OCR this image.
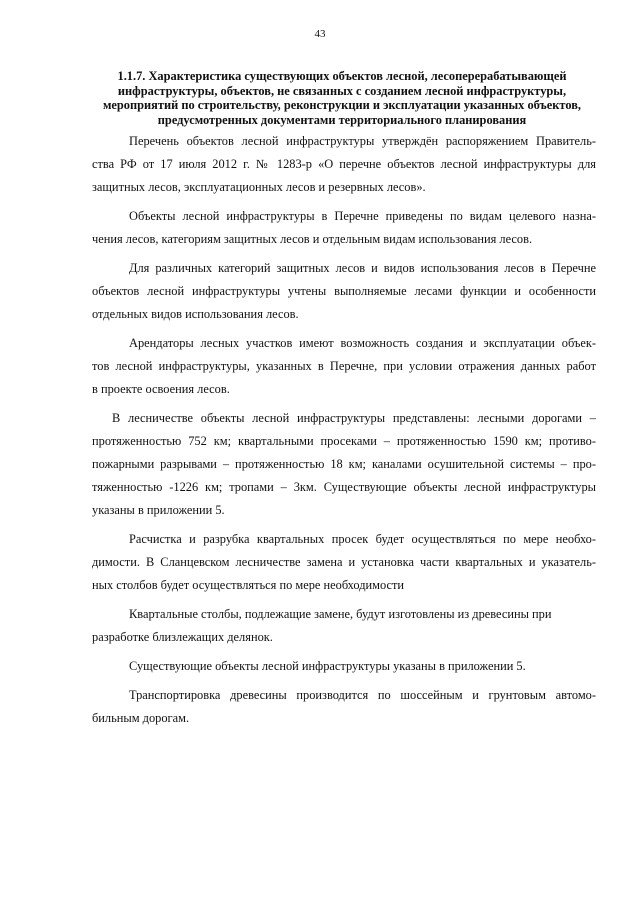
43
1.1.7. Характеристика существующих объектов лесной, лесоперерабатывающей
инфраструктуры, объектов, не связанных с созданием лесной инфраструктуры,
мероприятий по строительству, реконструкции и эксплуатации указанных объектов,
предусмотренных документами территориального планирования
Перечень объектов лесной инфраструктуры утверждён распоряжением Правитель-
ства РФ от 17 июля 2012 г. № 1283-р «О перечне объектов лесной инфраструктуры для
защитных лесов, эксплуатационных лесов и резервных лесов».
Объекты лесной инфраструктуры в Перечне приведены по видам целевого назна-
чения лесов, категориям защитных лесов и отдельным видам использования лесов.
Для различных категорий защитных лесов и видов использования лесов в Перечне
объектов лесной инфраструктуры учтены выполняемые лесами функции и особенности
отдельных видов использования лесов.
Арендаторы лесных участков имеют возможность создания и эксплуатации объек-
тов лесной инфраструктуры, указанных в Перечне, при условии отражения данных работ
в проекте освоения лесов.
В лесничестве объекты лесной инфраструктуры представлены: лесными дорогами –
протяженностью 752 км; квартальными просеками – протяженностью 1590 км; противо-
пожарными разрывами – протяженностью 18 км; каналами осушительной системы – про-
тяженностью -1226 км; тропами – 3км. Существующие объекты лесной инфраструктуры
указаны в приложении 5.
Расчистка и разрубка квартальных просек будет осуществляться по мере необхо-
димости. В Сланцевском лесничестве замена и установка части квартальных и указатель-
ных столбов будет осуществляться по мере необходимости
Квартальные столбы, подлежащие замене, будут изготовлены из древесины при
разработке близлежащих делянок.
Существующие объекты лесной инфраструктуры указаны в приложении 5.
Транспортировка древесины производится по шоссейным и грунтовым автомо-
бильным дорогам.
